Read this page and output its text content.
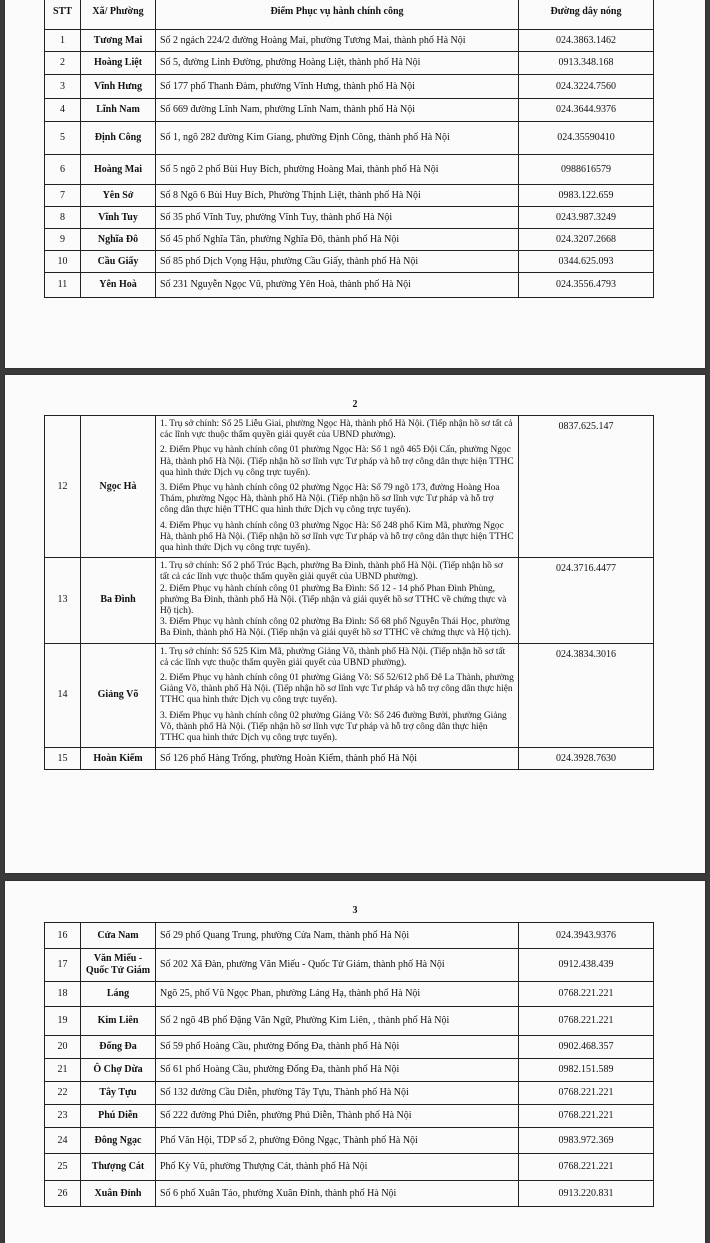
STT	Xã/ Phường	Điểm Phục vụ hành chính công	Đường dây nóng
1	Tương Mai	Số 2 ngách 224/2 đường Hoàng Mai, phường Tương Mai, thành phố Hà Nội	024.3863.1462
2	Hoàng Liệt	Số 5, đường Linh Đường, phường Hoàng Liệt, thành phố Hà Nội	0913.348.168
3	Vĩnh Hưng	Số 177 phố Thanh Đàm, phường Vĩnh Hưng, thành phố Hà Nội	024.3224.7560
4	Lĩnh Nam	Số 669 đường Lĩnh Nam, phường Lĩnh Nam, thành phố Hà Nội	024.3644.9376
5	Định Công	Số 1, ngõ 282 đường Kim Giang, phường Định Công, thành phố Hà Nội	024.35590410
6	Hoàng Mai	Số 5 ngõ 2 phố Bùi Huy Bích, phường Hoàng Mai, thành phố Hà Nội	0988616579
7	Yên Sở	Số 8 Ngõ 6 Bùi Huy Bích, Phường Thịnh Liệt, thành phố Hà Nội	0983.122.659
8	Vĩnh Tuy	Số 35 phố Vĩnh Tuy, phường Vĩnh Tuy, thành phố Hà Nội	0243.987.3249
9	Nghĩa Đô	Số 45 phố Nghĩa Tân, phường Nghĩa Đô, thành phố Hà Nội	024.3207.2668
10	Cầu Giấy	Số 85 phố Dịch Vọng Hậu, phường Cầu Giấy, thành phố Hà Nội	0344.625.093
11	Yên Hoà	Số 231 Nguyễn Ngọc Vũ, phường Yên Hoà, thành phố Hà Nội	024.3556.4793
2
12	Ngọc Hà	1. Trụ sở chính: Số 25 Liễu Giai, phường Ngọc Hà, thành phố Hà Nội. (Tiếp nhận hồ sơ tất cả các lĩnh vực thuộc thẩm quyền giải quyết của UBND phường).

2. Điểm Phục vụ hành chính công 01 phường Ngọc Hà: Số 1 ngõ 465 Đội Cấn, phường Ngọc Hà, thành phố Hà Nội. (Tiếp nhận hồ sơ lĩnh vực Tư pháp và hỗ trợ công dân thực hiện TTHC qua hình thức Dịch vụ công trực tuyến).

3. Điểm Phục vụ hành chính công 02 phường Ngọc Hà: Số 79 ngõ 173, đường Hoàng Hoa Thám, phường Ngọc Hà, thành phố Hà Nội. (Tiếp nhận hồ sơ lĩnh vực Tư pháp và hỗ trợ công dân thực hiện TTHC qua hình thức Dịch vụ công trực tuyến).

4. Điểm Phục vụ hành chính công 03 phường Ngọc Hà: Số 248 phố Kim Mã, phường Ngọc Hà, thành phố Hà Nội. (Tiếp nhận hồ sơ lĩnh vực Tư pháp và hỗ trợ công dân thực hiện TTHC qua hình thức Dịch vụ công trực tuyến).	0837.625.147
13	Ba Đình	1. Trụ sở chính: Số 2 phố Trúc Bạch, phường Ba Đình, thành phố Hà Nội. (Tiếp nhận hồ sơ tất cả các lĩnh vực thuộc thẩm quyền giải quyết của UBND phường).

2. Điểm Phục vụ hành chính công 01 phường Ba Đình: Số 12 - 14 phố Phan Đình Phùng, phường Ba Đình, thành phố Hà Nội. (Tiếp nhận và giải quyết hồ sơ TTHC về chứng thực và Hộ tịch).

3. Điểm Phục vụ hành chính công 02 phường Ba Đình: Số 68 phố Nguyễn Thái Học, phường Ba Đình, thành phố Hà Nội. (Tiếp nhận và giải quyết hồ sơ TTHC về chứng thực và Hộ tịch).	024.3716.4477
14	Giảng Võ	1. Trụ sở chính: Số 525 Kim Mã, phường Giảng Võ, thành phố Hà Nội. (Tiếp nhận hồ sơ tất cả các lĩnh vực thuộc thẩm quyền giải quyết của UBND phường).

2. Điểm Phục vụ hành chính công 01 phường Giảng Võ: Số 52/612 phố Đê La Thành, phường Giảng Võ, thành phố Hà Nội. (Tiếp nhận hồ sơ lĩnh vực Tư pháp và hỗ trợ công dân thực hiện TTHC qua hình thức Dịch vụ công trực tuyến).

3. Điểm Phục vụ hành chính công 02 phường Giảng Võ: Số 246 đường Bưởi, phường Giảng Võ, thành phố Hà Nội. (Tiếp nhận hồ sơ lĩnh vực Tư pháp và hỗ trợ công dân thực hiện TTHC qua hình thức Dịch vụ công trực tuyến).	024.3834.3016
15	Hoàn Kiếm	Số 126 phố Hàng Trống, phường Hoàn Kiếm, thành phố Hà Nội	024.3928.7630
3
16	Cửa Nam	Số 29 phố Quang Trung, phường Cửa Nam, thành phố Hà Nội	024.3943.9376
17	Văn Miếu - Quốc Tử Giám	Số 202 Xã Đàn, phường Văn Miếu - Quốc Tử Giám, thành phố Hà Nội	0912.438.439
18	Láng	Ngõ 25, phố Vũ Ngọc Phan, phường Láng Hạ, thành phố Hà Nội	0768.221.221
19	Kim Liên	Số 2 ngõ 4B phố Đặng Văn Ngữ, Phường Kim Liên, , thành phố Hà Nội	0768.221.221
20	Đống Đa	Số 59 phố Hoàng Cầu, phường Đống Đa, thành phố Hà Nội	0902.468.357
21	Ô Chợ Dừa	Số 61 phố Hoàng Cầu, phường Đống Đa, thành phố Hà Nội	0982.151.589
22	Tây Tựu	Số 132 đường Cầu Diễn, phường Tây Tựu, Thành phố Hà Nội	0768.221.221
23	Phú Diễn	Số 222 đường Phú Diễn, phường Phú Diễn, Thành phố Hà Nội	0768.221.221
24	Đông Ngạc	Phố Văn Hội, TDP số 2, phường Đông Ngạc, Thành phố Hà Nội	0983.972.369
25	Thượng Cát	Phố Kỳ Vũ, phường Thượng Cát, thành phố Hà Nội	0768.221.221
26	Xuân Đỉnh	Số 6 phố Xuân Tảo, phường Xuân Đỉnh, thành phố Hà Nội	0913.220.831
